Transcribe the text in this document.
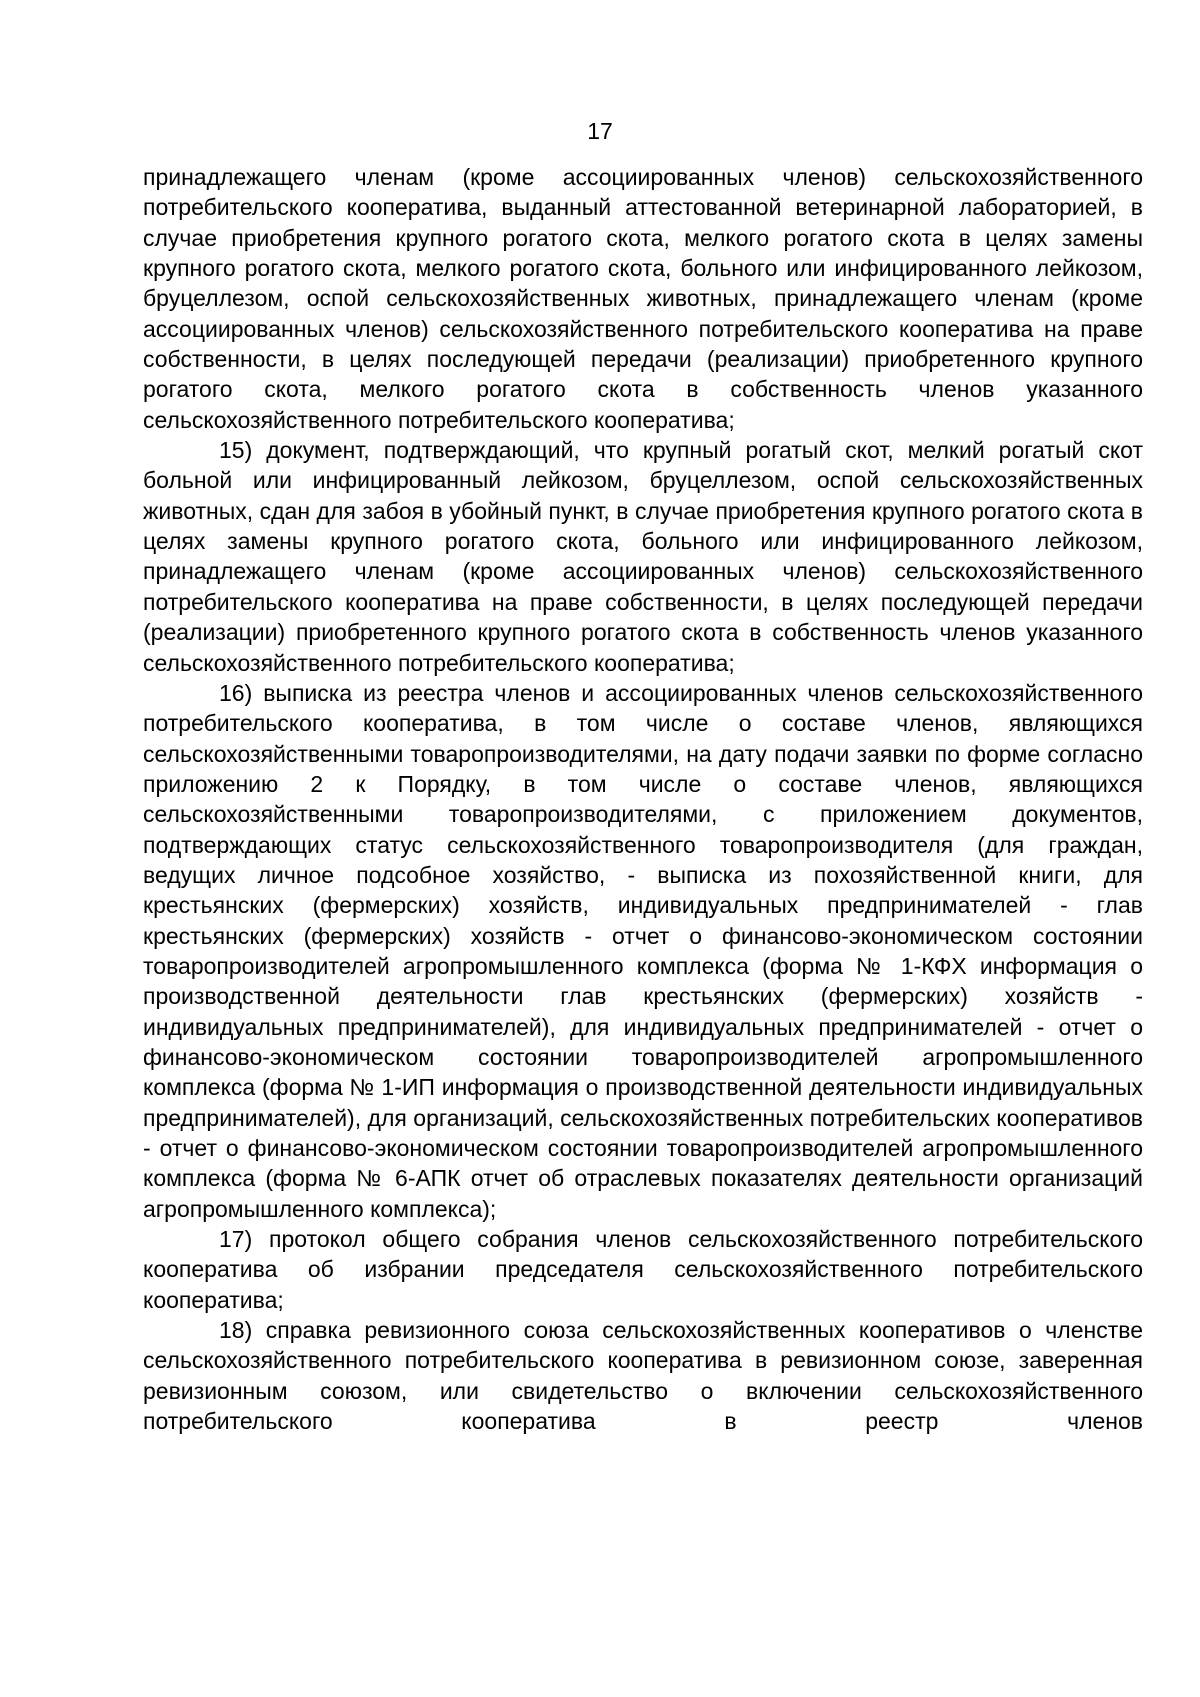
17

принадлежащего членам (кроме ассоциированных членов) сельскохозяйственного потребительского кооператива, выданный аттестованной ветеринарной лабораторией, в случае приобретения крупного рогатого скота, мелкого рогатого скота в целях замены крупного рогатого скота, мелкого рогатого скота, больного или инфицированного лейкозом, бруцеллезом, оспой сельскохозяйственных животных, принадлежащего членам (кроме ассоциированных членов) сельскохозяйственного потребительского кооператива на праве собственности, в целях последующей передачи (реализации) приобретенного крупного рогатого скота, мелкого рогатого скота в собственность членов указанного сельскохозяйственного потребительского кооператива;

15) документ, подтверждающий, что крупный рогатый скот, мелкий рогатый скот больной или инфицированный лейкозом, бруцеллезом, оспой сельскохозяйственных животных, сдан для забоя в убойный пункт, в случае приобретения крупного рогатого скота в целях замены крупного рогатого скота, больного или инфицированного лейкозом, принадлежащего членам (кроме ассоциированных членов) сельскохозяйственного потребительского кооператива на праве собственности, в целях последующей передачи (реализации) приобретенного крупного рогатого скота в собственность членов указанного сельскохозяйственного потребительского кооператива;

16) выписка из реестра членов и ассоциированных членов сельскохозяйственного потребительского кооператива, в том числе о составе членов, являющихся сельскохозяйственными товаропроизводителями, на дату подачи заявки по форме согласно приложению 2 к Порядку, в том числе о составе членов, являющихся сельскохозяйственными товаропроизводителями, с приложением документов, подтверждающих статус сельскохозяйственного товаропроизводителя (для граждан, ведущих личное подсобное хозяйство, - выписка из похозяйственной книги, для крестьянских (фермерских) хозяйств, индивидуальных предпринимателей - глав крестьянских (фермерских) хозяйств - отчет о финансово-экономическом состоянии товаропроизводителей агропромышленного комплекса (форма № 1-КФХ информация о производственной деятельности глав крестьянских (фермерских) хозяйств - индивидуальных предпринимателей), для индивидуальных предпринимателей - отчет о финансово-экономическом состоянии товаропроизводителей агропромышленного комплекса (форма № 1-ИП информация о производственной деятельности индивидуальных предпринимателей), для организаций, сельскохозяйственных потребительских кооперативов - отчет о финансово-экономическом состоянии товаропроизводителей агропромышленного комплекса (форма № 6-АПК отчет об отраслевых показателях деятельности организаций агропромышленного комплекса);

17) протокол общего собрания членов сельскохозяйственного потребительского кооператива об избрании председателя сельскохозяйственного потребительского кооператива;

18) справка ревизионного союза сельскохозяйственных кооперативов о членстве сельскохозяйственного потребительского кооператива в ревизионном союзе, заверенная ревизионным союзом, или свидетельство о включении сельскохозяйственного потребительского кооператива в реестр членов
